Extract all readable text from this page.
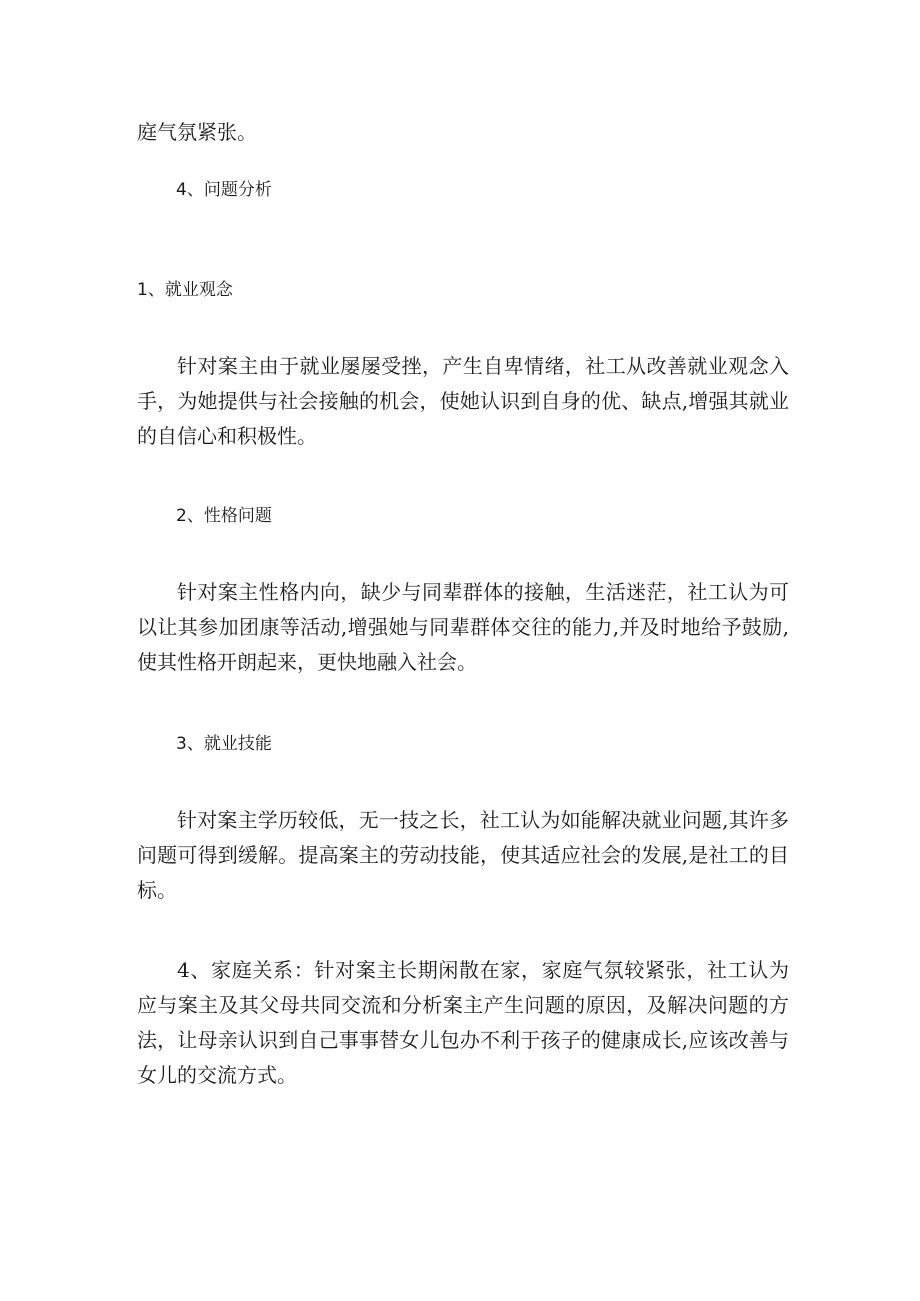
庭气氛紧张。
4、问题分析
1、就业观念
针对案主由于就业屡屡受挫，产生自卑情绪，社工从改善就业观念入手，为她提供与社会接触的机会，使她认识到自身的优、缺点,增强其就业的自信心和积极性。
2、性格问题
针对案主性格内向，缺少与同辈群体的接触，生活迷茫，社工认为可以让其参加团康等活动,增强她与同辈群体交往的能力,并及时地给予鼓励,使其性格开朗起来，更快地融入社会。
3、就业技能
针对案主学历较低，无一技之长，社工认为如能解决就业问题,其许多问题可得到缓解。提高案主的劳动技能，使其适应社会的发展,是社工的目标。
4、家庭关系：针对案主长期闲散在家，家庭气氛较紧张，社工认为应与案主及其父母共同交流和分析案主产生问题的原因，及解决问题的方法，让母亲认识到自己事事替女儿包办不利于孩子的健康成长,应该改善与女儿的交流方式。
